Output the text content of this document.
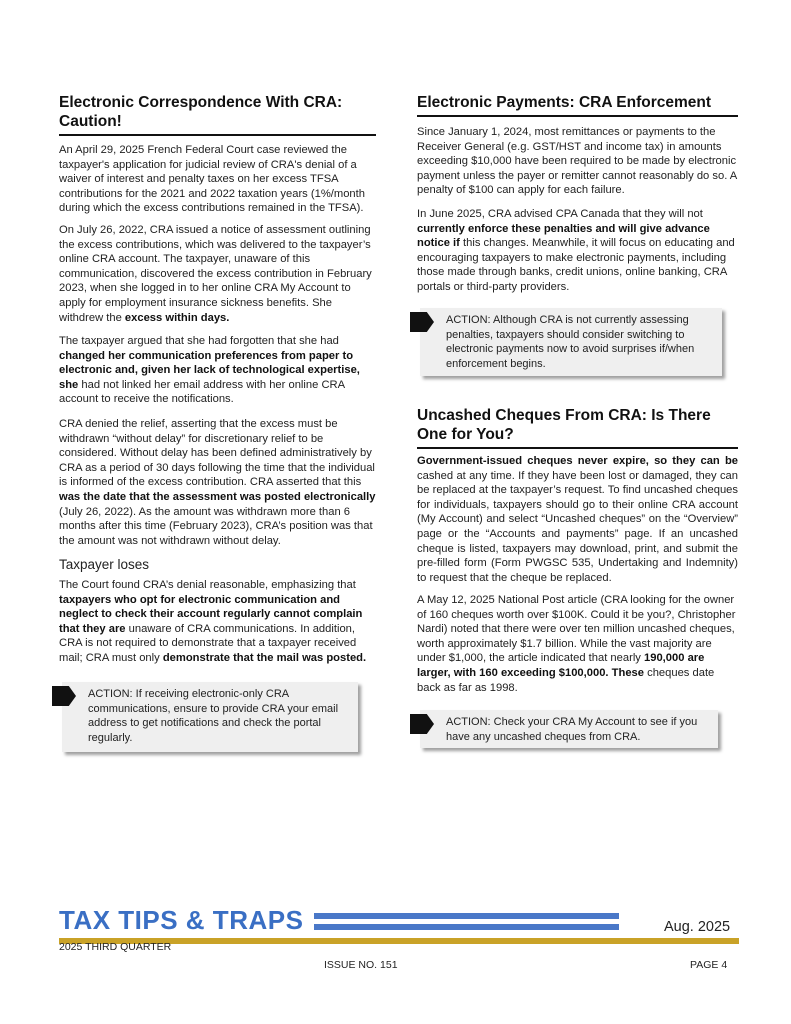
Electronic Correspondence With CRA: Caution!

An April 29, 2025 French Federal Court case reviewed the taxpayer's application for judicial review of CRA's denial of a waiver of interest and penalty taxes on her excess TFSA contributions for the 2021 and 2022 taxation years (1%/month during which the excess contributions remained in the TFSA).

On July 26, 2022, CRA issued a notice of assessment outlining the excess contributions, which was delivered to the taxpayer’s online CRA account. The taxpayer, unaware of this communication, discovered the excess contribution in February 2023, when she logged in to her online CRA My Account to apply for employment insurance sickness benefits. She withdrew the excess within days.

The taxpayer argued that she had forgotten that she had changed her communication preferences from paper to electronic and, given her lack of technological expertise, she had not linked her email address with her online CRA account to receive the notifications.

CRA denied the relief, asserting that the excess must be withdrawn “without delay” for discretionary relief to be considered. Without delay has been defined administratively by CRA as a period of 30 days following the time that the individual is informed of the excess contribution. CRA asserted that this was the date that the assessment was posted electronically (July 26, 2022). As the amount was withdrawn more than 6 months after this time (February 2023), CRA’s position was that the amount was not withdrawn without delay.

Taxpayer loses

The Court found CRA’s denial reasonable, emphasizing that taxpayers who opt for electronic communication and neglect to check their account regularly cannot complain that they are unaware of CRA communications. In addition, CRA is not required to demonstrate that a taxpayer received mail; CRA must only demonstrate that the mail was posted.

ACTION: If receiving electronic-only CRA communications, ensure to provide CRA your email address to get notifications and check the portal regularly.
Electronic Payments: CRA Enforcement

Since January 1, 2024, most remittances or payments to the Receiver General (e.g. GST/HST and income tax) in amounts exceeding $10,000 have been required to be made by electronic payment unless the payer or remitter cannot reasonably do so. A penalty of $100 can apply for each failure.

In June 2025, CRA advised CPA Canada that they will not currently enforce these penalties and will give advance notice if this changes. Meanwhile, it will focus on educating and encouraging taxpayers to make electronic payments, including those made through banks, credit unions, online banking, CRA portals or third-party providers.

ACTION: Although CRA is not currently assessing penalties, taxpayers should consider switching to electronic payments now to avoid surprises if/when enforcement begins.
Uncashed Cheques From CRA: Is There One for You?

Government-issued cheques never expire, so they can be cashed at any time. If they have been lost or damaged, they can be replaced at the taxpayer’s request. To find uncashed cheques for individuals, taxpayers should go to their online CRA account (My Account) and select “Uncashed cheques” on the “Overview” page or the “Accounts and payments” page. If an uncashed cheque is listed, taxpayers may download, print, and submit the pre-filled form (Form PWGSC 535, Undertaking and Indemnity) to request that the cheque be replaced.

A May 12, 2025 National Post article (CRA looking for the owner of 160 cheques worth over $100K. Could it be you?, Christopher Nardi) noted that there were over ten million uncashed cheques, worth approximately $1.7 billion. While the vast majority are under $1,000, the article indicated that nearly 190,000 are larger, with 160 exceeding $100,000. These cheques date back as far as 1998.

ACTION: Check your CRA My Account to see if you have any uncashed cheques from CRA.
TAX TIPS & TRAPS
2025 THIRD QUARTER
Aug. 2025
ISSUE NO. 151	PAGE 4
